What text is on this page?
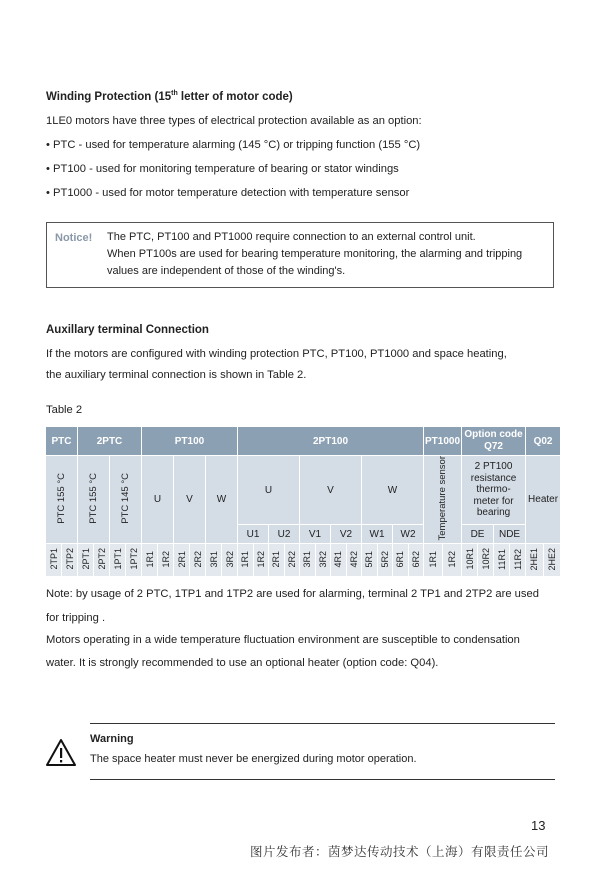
Winding Protection (15th letter of motor code)
1LE0 motors have three types of electrical protection available as an option:
• PTC - used for temperature alarming (145 °C) or tripping function (155 °C)
• PT100 - used for monitoring temperature of bearing or stator windings
• PT1000 - used for motor temperature detection with temperature sensor
Notice! The PTC, PT100 and PT1000 require connection to an external control unit.
When PT100s are used for bearing temperature monitoring, the alarming and tripping
values are independent of those of the winding's.
Auxillary terminal Connection
If the motors are configured with winding protection PTC, PT100, PT1000 and space heating,
the auxiliary terminal connection is shown in Table 2.
Table 2
PTC		2PTC				PT100						2PT100												PT1000		Option code Q72				Q02	
PTC 155 °C		PTC 155 °C		PTC 145 °C		U		V		W		U				V				W				Temperature sensor		2 PT100 resistance thermo-meter for bearing				Heater	
												U1		U2		V1		V2		W1		W2				DE		NDE			
2TP1	2TP2	2PT1	2PT2	1PT1	1PT2	1R1	1R2	2R1	2R2	3R1	3R2	1R1	1R2	2R1	2R2	3R1	3R2	4R1	4R2	5R1	5R2	6R1	6R2	1R1	1R2	10R1	10R2	11R1	11R2	2HE1	2HE2
Note: by usage of 2 PTC, 1TP1 and 1TP2 are used for alarming, terminal 2 TP1 and 2TP2 are used
for tripping .
Motors operating in a wide temperature fluctuation environment are susceptible to condensation
water. It is strongly recommended to use an optional heater (option code: Q04).
Warning
The space heater must never be energized during motor operation.
13
图片发布者：茵梦达传动技术（上海）有限责任公司
